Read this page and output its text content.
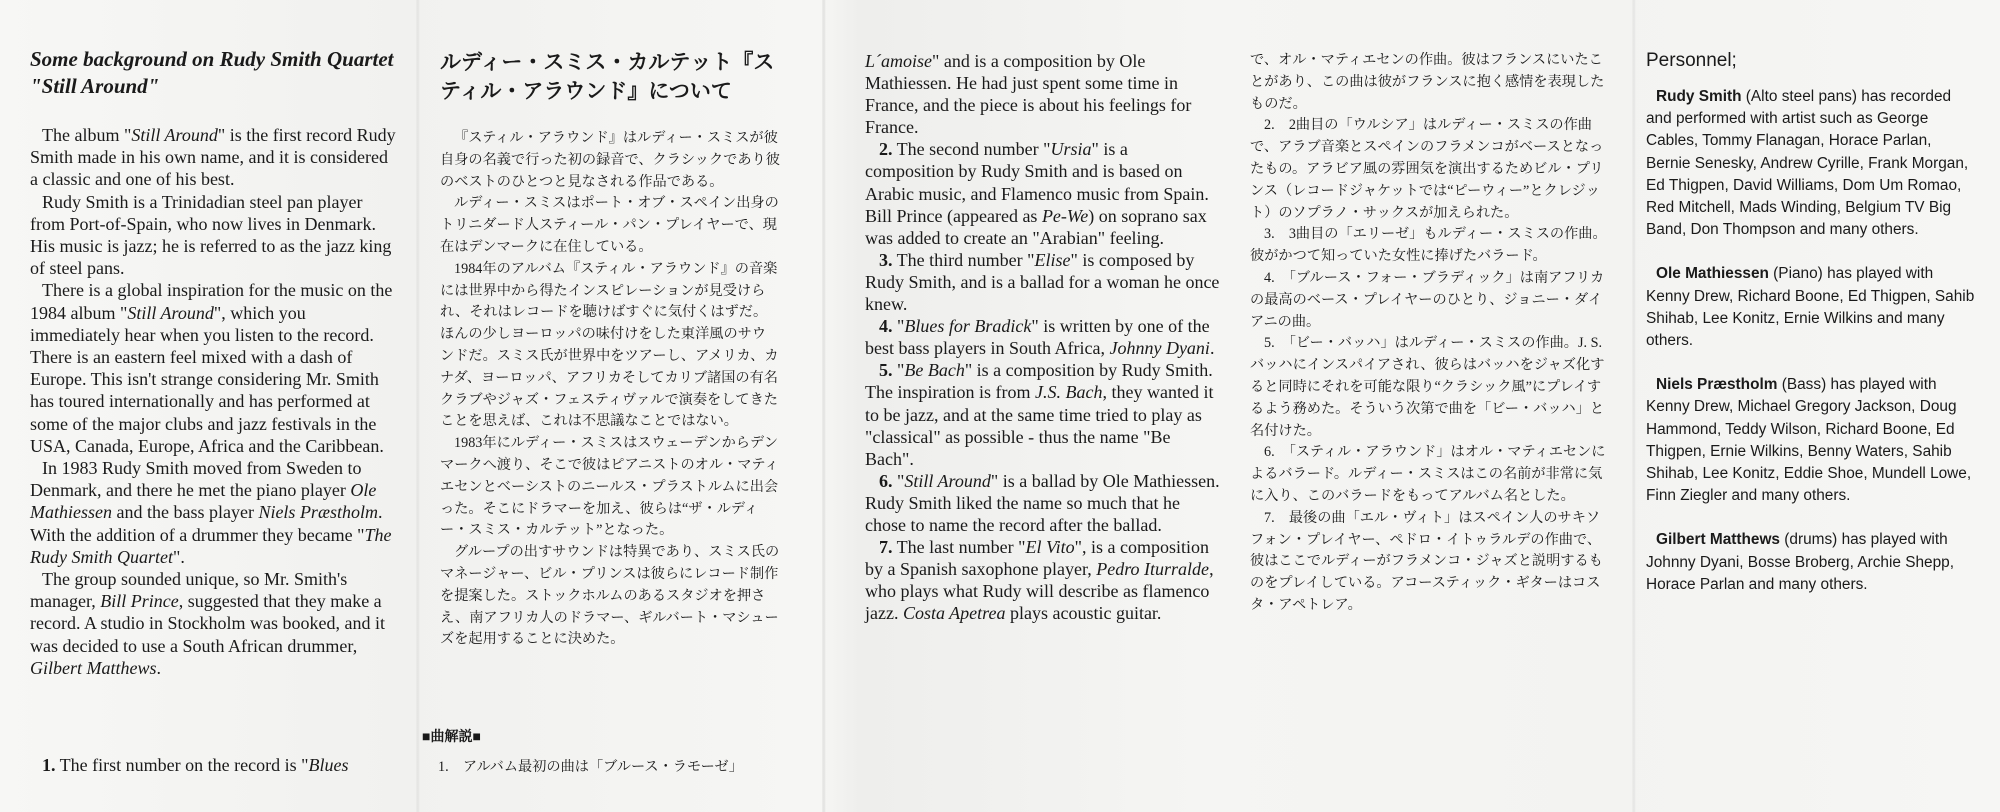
Some background on Rudy Smith Quartet "Still Around"

The album "Still Around" is the first record Rudy Smith made in his own name, and it is considered a classic and one of his best.

Rudy Smith is a Trinidadian steel pan player from Port-of-Spain, who now lives in Denmark. His music is jazz; he is referred to as the jazz king of steel pans.

There is a global inspiration for the music on the 1984 album "Still Around", which you immediately hear when you listen to the record. There is an eastern feel mixed with a dash of Europe. This isn't strange considering Mr. Smith has toured internationally and has performed at some of the major clubs and jazz festivals in the USA, Canada, Europe, Africa and the Caribbean.

In 1983 Rudy Smith moved from Sweden to Denmark, and there he met the piano player Ole Mathiessen and the bass player Niels Præstholm. With the addition of a drummer they became "The Rudy Smith Quartet".

The group sounded unique, so Mr. Smith's manager, Bill Prince, suggested that they make a record. A studio in Stockholm was booked, and it was decided to use a South African drummer, Gilbert Matthews.

1. The first number on the record is "Blues
ルディー・スミス・カルテット『スティル・アラウンド』について

『スティル・アラウンド』はルディー・スミスが彼自身の名義で行った初の録音で、クラシックであり彼のベストのひとつと見なされる作品である。

ルディー・スミスはポート・オブ・スペイン出身のトリニダード人スティール・パン・プレイヤーで、現在はデンマークに在住している。

1984年のアルバム『スティル・アラウンド』の音楽には世界中から得たインスピレーションが見受けられ、それはレコードを聴けばすぐに気付くはずだ。ほんの少しヨーロッパの味付けをした東洋風のサウンドだ。スミス氏が世界中をツアーし、アメリカ、カナダ、ヨーロッパ、アフリカそしてカリブ諸国の有名クラブやジャズ・フェスティヴァルで演奏をしてきたことを思えば、これは不思議なことではない。

1983年にルディー・スミスはスウェーデンからデンマークへ渡り、そこで彼はピアニストのオル・マティエセンとベーシストのニールス・プラストルムに出会った。そこにドラマーを加え、彼らは“ザ・ルディー・スミス・カルテット”となった。

グループの出すサウンドは特異であり、スミス氏のマネージャー、ビル・プリンスは彼らにレコード制作を提案した。ストックホルムのあるスタジオを押さえ、南アフリカ人のドラマー、ギルバート・マシューズを起用することに決めた。

■曲解説■
1.　アルバム最初の曲は「ブルース・ラモーゼ」

L´amoise" and is a composition by Ole Mathiessen. He had just spent some time in France, and the piece is about his feelings for France.

2. The second number "Ursia" is a composition by Rudy Smith and is based on Arabic music, and Flamenco music from Spain. Bill Prince (appeared as Pe-We) on soprano sax was added to create an "Arabian" feeling.

3. The third number "Elise" is composed by Rudy Smith, and is a ballad for a woman he once knew.

4. "Blues for Bradick" is written by one of the best bass players in South Africa, Johnny Dyani.

5. "Be Bach" is a composition by Rudy Smith. The inspiration is from J.S. Bach, they wanted it to be jazz, and at the same time tried to play as "classical" as possible - thus the name "Be Bach".

6. "Still Around" is a ballad by Ole Mathiessen. Rudy Smith liked the name so much that he chose to name the record after the ballad.

7. The last number "El Vito", is a composition by a Spanish saxophone player, Pedro Iturralde, who plays what Rudy will describe as flamenco jazz. Costa Apetrea plays acoustic guitar.

で、オル・マティエセンの作曲。彼はフランスにいたことがあり、この曲は彼がフランスに抱く感情を表現したものだ。

2.　2曲目の「ウルシア」はルディー・スミスの作曲で、アラブ音楽とスペインのフラメンコがベースとなったもの。アラビア風の雰囲気を演出するためビル・プリンス（レコードジャケットでは“ピーウィー”とクレジット）のソプラノ・サックスが加えられた。

3.　3曲目の「エリーゼ」もルディー・スミスの作曲。彼がかつて知っていた女性に捧げたバラード。

4.　「ブルース・フォー・ブラディック」は南アフリカの最高のベース・プレイヤーのひとり、ジョニー・ダイアニの曲。

5.　「ビー・バッハ」はルディー・スミスの作曲。J. S. バッハにインスパイアされ、彼らはバッハをジャズ化すると同時にそれを可能な限り“クラシック風”にプレイするよう務めた。そういう次第で曲を「ビー・バッハ」と名付けた。

6.　「スティル・アラウンド」はオル・マティエセンによるバラード。ルディー・スミスはこの名前が非常に気に入り、このバラードをもってアルバム名とした。

7.　最後の曲「エル・ヴィト」はスペイン人のサキソフォン・プレイヤー、ペドロ・イトゥラルデの作曲で、彼はここでルディーがフラメンコ・ジャズと説明するものをプレイしている。アコースティック・ギターはコスタ・アペトレア。

Personnel;

Rudy Smith (Alto steel pans) has recorded and performed with artist such as George Cables, Tommy Flanagan, Horace Parlan, Bernie Senesky, Andrew Cyrille, Frank Morgan, Ed Thigpen, David Williams, Dom Um Romao, Red Mitchell, Mads Winding, Belgium TV Big Band, Don Thompson and many others.

Ole Mathiessen (Piano) has played with Kenny Drew, Richard Boone, Ed Thigpen, Sahib Shihab, Lee Konitz, Ernie Wilkins and many others.

Niels Præstholm (Bass) has played with Kenny Drew, Michael Gregory Jackson, Doug Hammond, Teddy Wilson, Richard Boone, Ed Thigpen, Ernie Wilkins, Benny Waters, Sahib Shihab, Lee Konitz, Eddie Shoe, Mundell Lowe, Finn Ziegler and many others.

Gilbert Matthews (drums) has played with Johnny Dyani, Bosse Broberg, Archie Shepp, Horace Parlan and many others.
